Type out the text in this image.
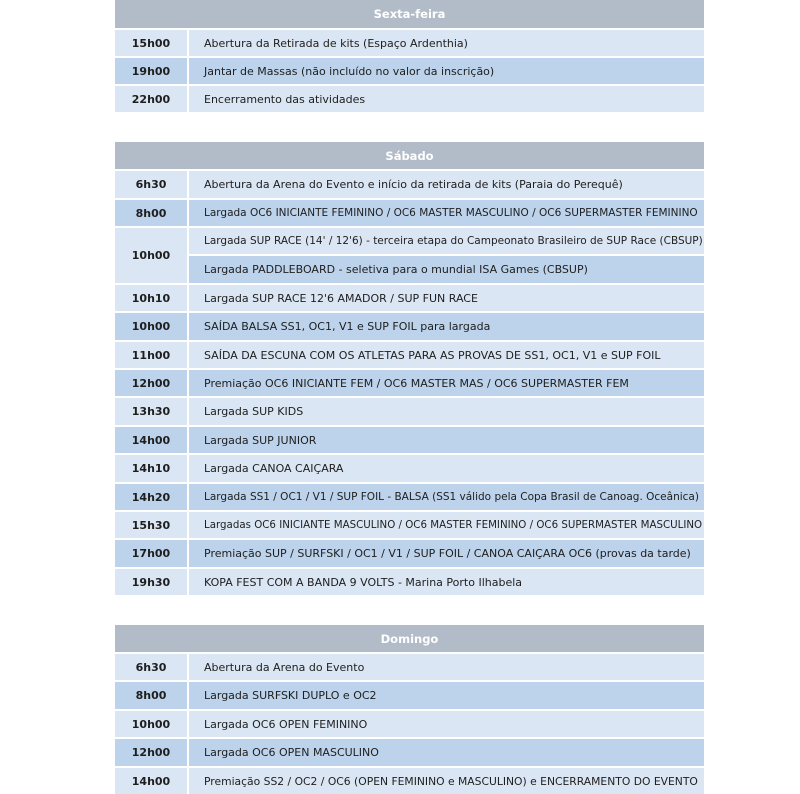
Sexta-feira	
15h00	Abertura da Retirada de kits (Espaço Ardenthia)
19h00	Jantar de Massas (não incluído no valor da inscrição)
22h00	Encerramento das atividades

Sábado	
6h30	Abertura da Arena do Evento e início da retirada de kits (Paraia do Perequê)
8h00	Largada OC6 INICIANTE FEMININO / OC6 MASTER MASCULINO / OC6 SUPERMASTER FEMININO
10h00	Largada SUP RACE (14' / 12'6) - terceira etapa do Campeonato Brasileiro de SUP Race (CBSUP)
	Largada PADDLEBOARD - seletiva para o mundial ISA Games (CBSUP)
10h10	Largada SUP RACE 12'6 AMADOR / SUP FUN RACE
10h00	SAÍDA BALSA SS1, OC1, V1 e SUP FOIL para largada
11h00	SAÍDA DA ESCUNA COM OS ATLETAS PARA AS PROVAS DE SS1, OC1, V1 e SUP FOIL
12h00	Premiação OC6 INICIANTE FEM / OC6 MASTER MAS / OC6 SUPERMASTER FEM
13h30	Largada SUP KIDS
14h00	Largada SUP JUNIOR
14h10	Largada CANOA CAIÇARA
14h20	Largada SS1 / OC1 / V1 / SUP FOIL - BALSA (SS1 válido pela Copa Brasil de Canoag. Oceânica)
15h30	Largadas OC6 INICIANTE MASCULINO / OC6 MASTER FEMININO / OC6 SUPERMASTER MASCULINO
17h00	Premiação SUP / SURFSKI / OC1 / V1 / SUP FOIL / CANOA CAIÇARA OC6 (provas da tarde)
19h30	KOPA FEST COM A BANDA 9 VOLTS - Marina Porto Ilhabela

Domingo	
6h30	Abertura da Arena do Evento
8h00	Largada SURFSKI DUPLO e OC2
10h00	Largada OC6 OPEN FEMININO
12h00	Largada OC6 OPEN MASCULINO
14h00	Premiação SS2 / OC2 / OC6 (OPEN FEMININO e MASCULINO) e ENCERRAMENTO DO EVENTO
